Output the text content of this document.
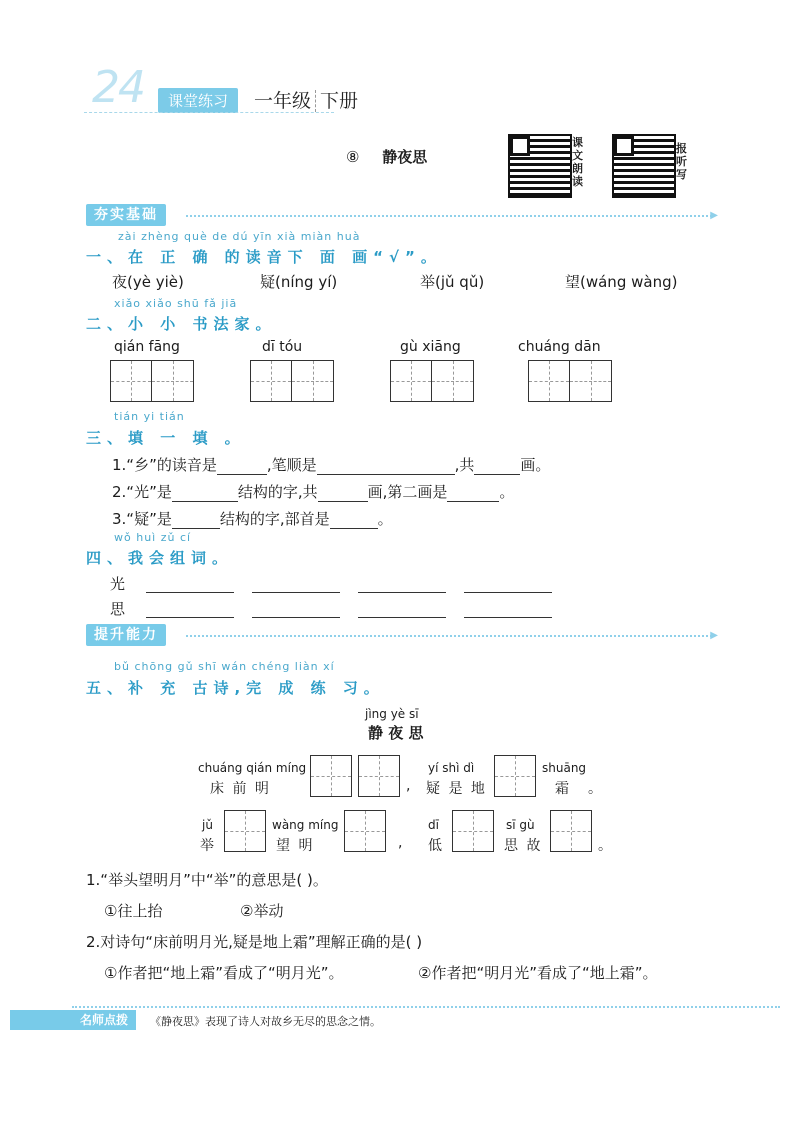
24	课堂练习	一年级 下册
⑧ 静夜思
课文朗读
报听写
夯实基础	▶
zài zhèng què de dú yīn xià miàn huà
一、在 正 确 的读音下 面 画“√”。
夜(yè yiè)	疑(níng yí)	举(jǔ qǔ)	望(wáng wàng)
xiǎo xiǎo shū fǎ jiā
二、小 小 书法家。
qián fāng	dī tóu	gù xiāng	chuáng dān
tián yi tián
三、填 一 填 。
1.“乡”的读音是	,笔顺是	,共	画。
2.“光”是	结构的字,共	画,第二画是	。
3.“疑”是	结构的字,部首是	。
wǒ huì zǔ cí
四、我会组词。
光
思
提升能力	▶
bǔ chōng gǔ shī wán chéng liàn xí
五、补 充 古诗,完 成 练 习。
jìng yè sī
静 夜 思
chuáng qián míng
床 前 明	,
yí shì dì
疑 是 地
shuāng
霜 。
jǔ
举
wàng míng
望 明	,
dī
低
sī gù
思 故	。
1.“举头望明月”中“举”的意思是( )。
①往上抬	②举动
2.对诗句“床前明月光,疑是地上霜”理解正确的是( )
①作者把“地上霜”看成了“明月光”。	②作者把“明月光”看成了“地上霜”。
名师点拨	《静夜思》表现了诗人对故乡无尽的思念之情。
